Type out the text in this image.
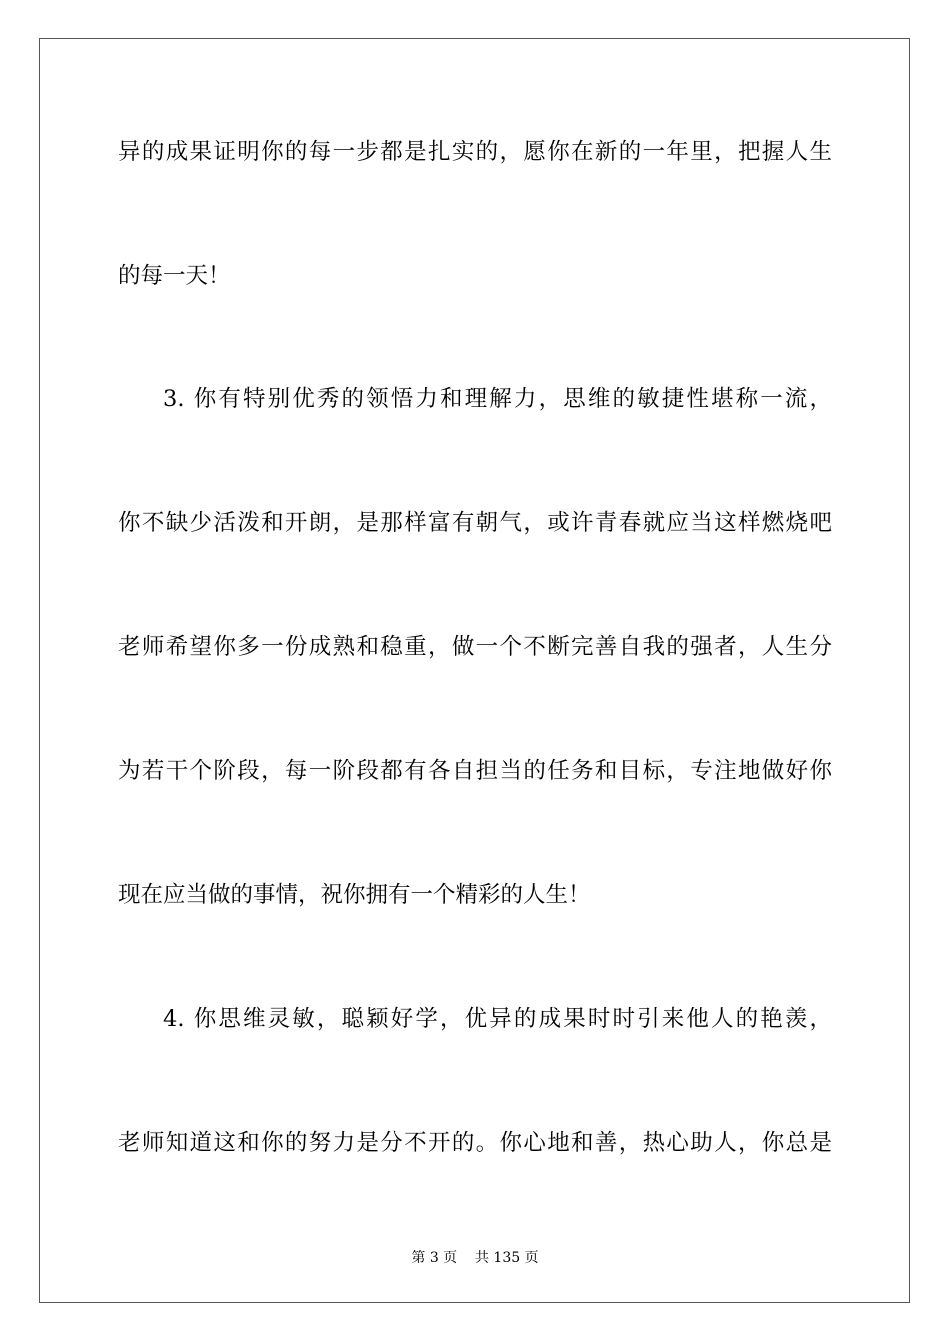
异的成果证明你的每一步都是扎实的，愿你在新的一年里，把握人生
的每一天！
3. 你有特别优秀的领悟力和理解力，思维的敏捷性堪称一流，
你不缺少活泼和开朗，是那样富有朝气，或许青春就应当这样燃烧吧
老师希望你多一份成熟和稳重，做一个不断完善自我的强者，人生分
为若干个阶段，每一阶段都有各自担当的任务和目标，专注地做好你
现在应当做的事情，祝你拥有一个精彩的人生！
4. 你思维灵敏，聪颖好学，优异的成果时时引来他人的艳羡，
老师知道这和你的努力是分不开的。你心地和善，热心助人，你总是
第 3 页    共 135 页
